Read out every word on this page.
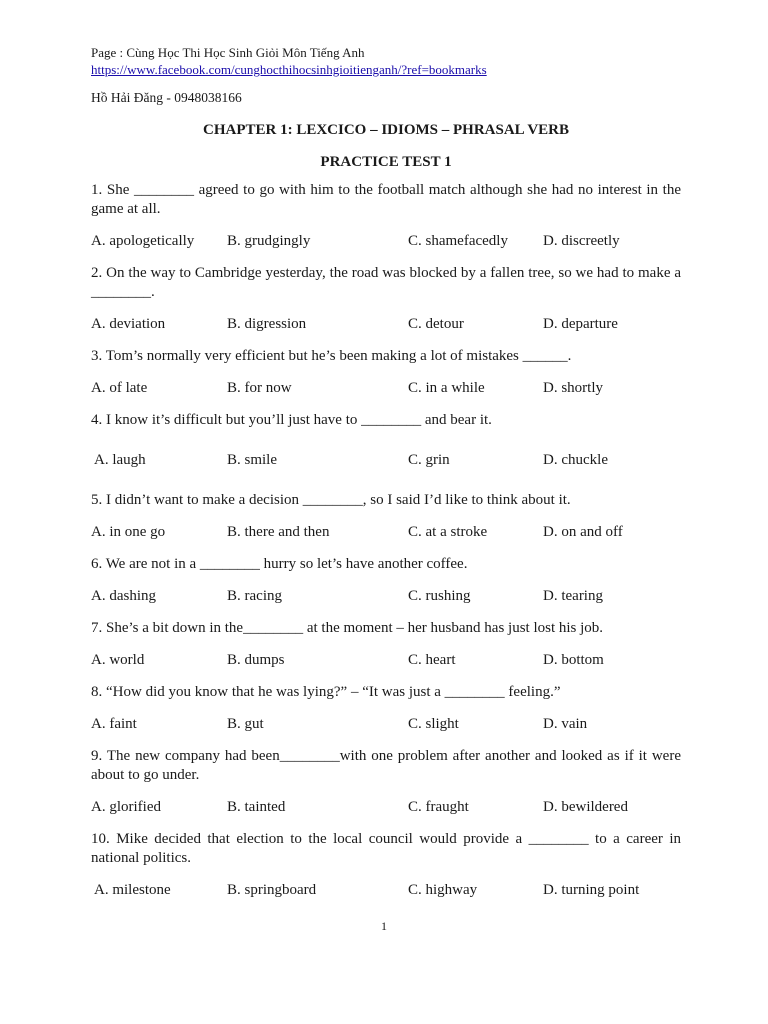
Page : Cùng Học Thi Học Sinh Giỏi Môn Tiếng Anh
https://www.facebook.com/cunghocthihocsinhgioitienganh/?ref=bookmarks
Hồ Hải Đăng - 0948038166
CHAPTER 1: LEXCICO – IDIOMS – PHRASAL VERB
PRACTICE TEST 1
1. She ________ agreed to go with him to the football match although she had no interest in the game at all.
A. apologetically	B. grudgingly	C. shamefacedly	D. discreetly
2. On the way to Cambridge yesterday, the road was blocked by a fallen tree, so we had to make a ________.
A. deviation	B. digression	C. detour	D. departure
3. Tom’s normally very efficient but he’s been making a lot of mistakes ______.
A. of late	B. for now	C. in a while	D. shortly
4. I know it’s difficult but you’ll just have to ________ and bear it.
A. laugh	B. smile	C. grin	D. chuckle
5. I didn’t want to make a decision ________, so I said I’d like to think about it.
A. in one go	B. there and then	C. at a stroke	D. on and off
6. We are not in a ________ hurry so let’s have another coffee.
A. dashing	B. racing	C. rushing	D. tearing
7. She’s a bit down in the________ at the moment – her husband has just lost his job.
A. world	B. dumps	C. heart	D. bottom
8. “How did you know that he was lying?” – “It was just a ________ feeling.”
A. faint	B. gut	C. slight	D. vain
9. The new company had been________with one problem after another and looked as if it were about to go under.
A. glorified	B. tainted	C. fraught	D. bewildered
10. Mike decided that election to the local council would provide a ________ to a career in national politics.
A. milestone	B. springboard	C. highway	D. turning point
1
